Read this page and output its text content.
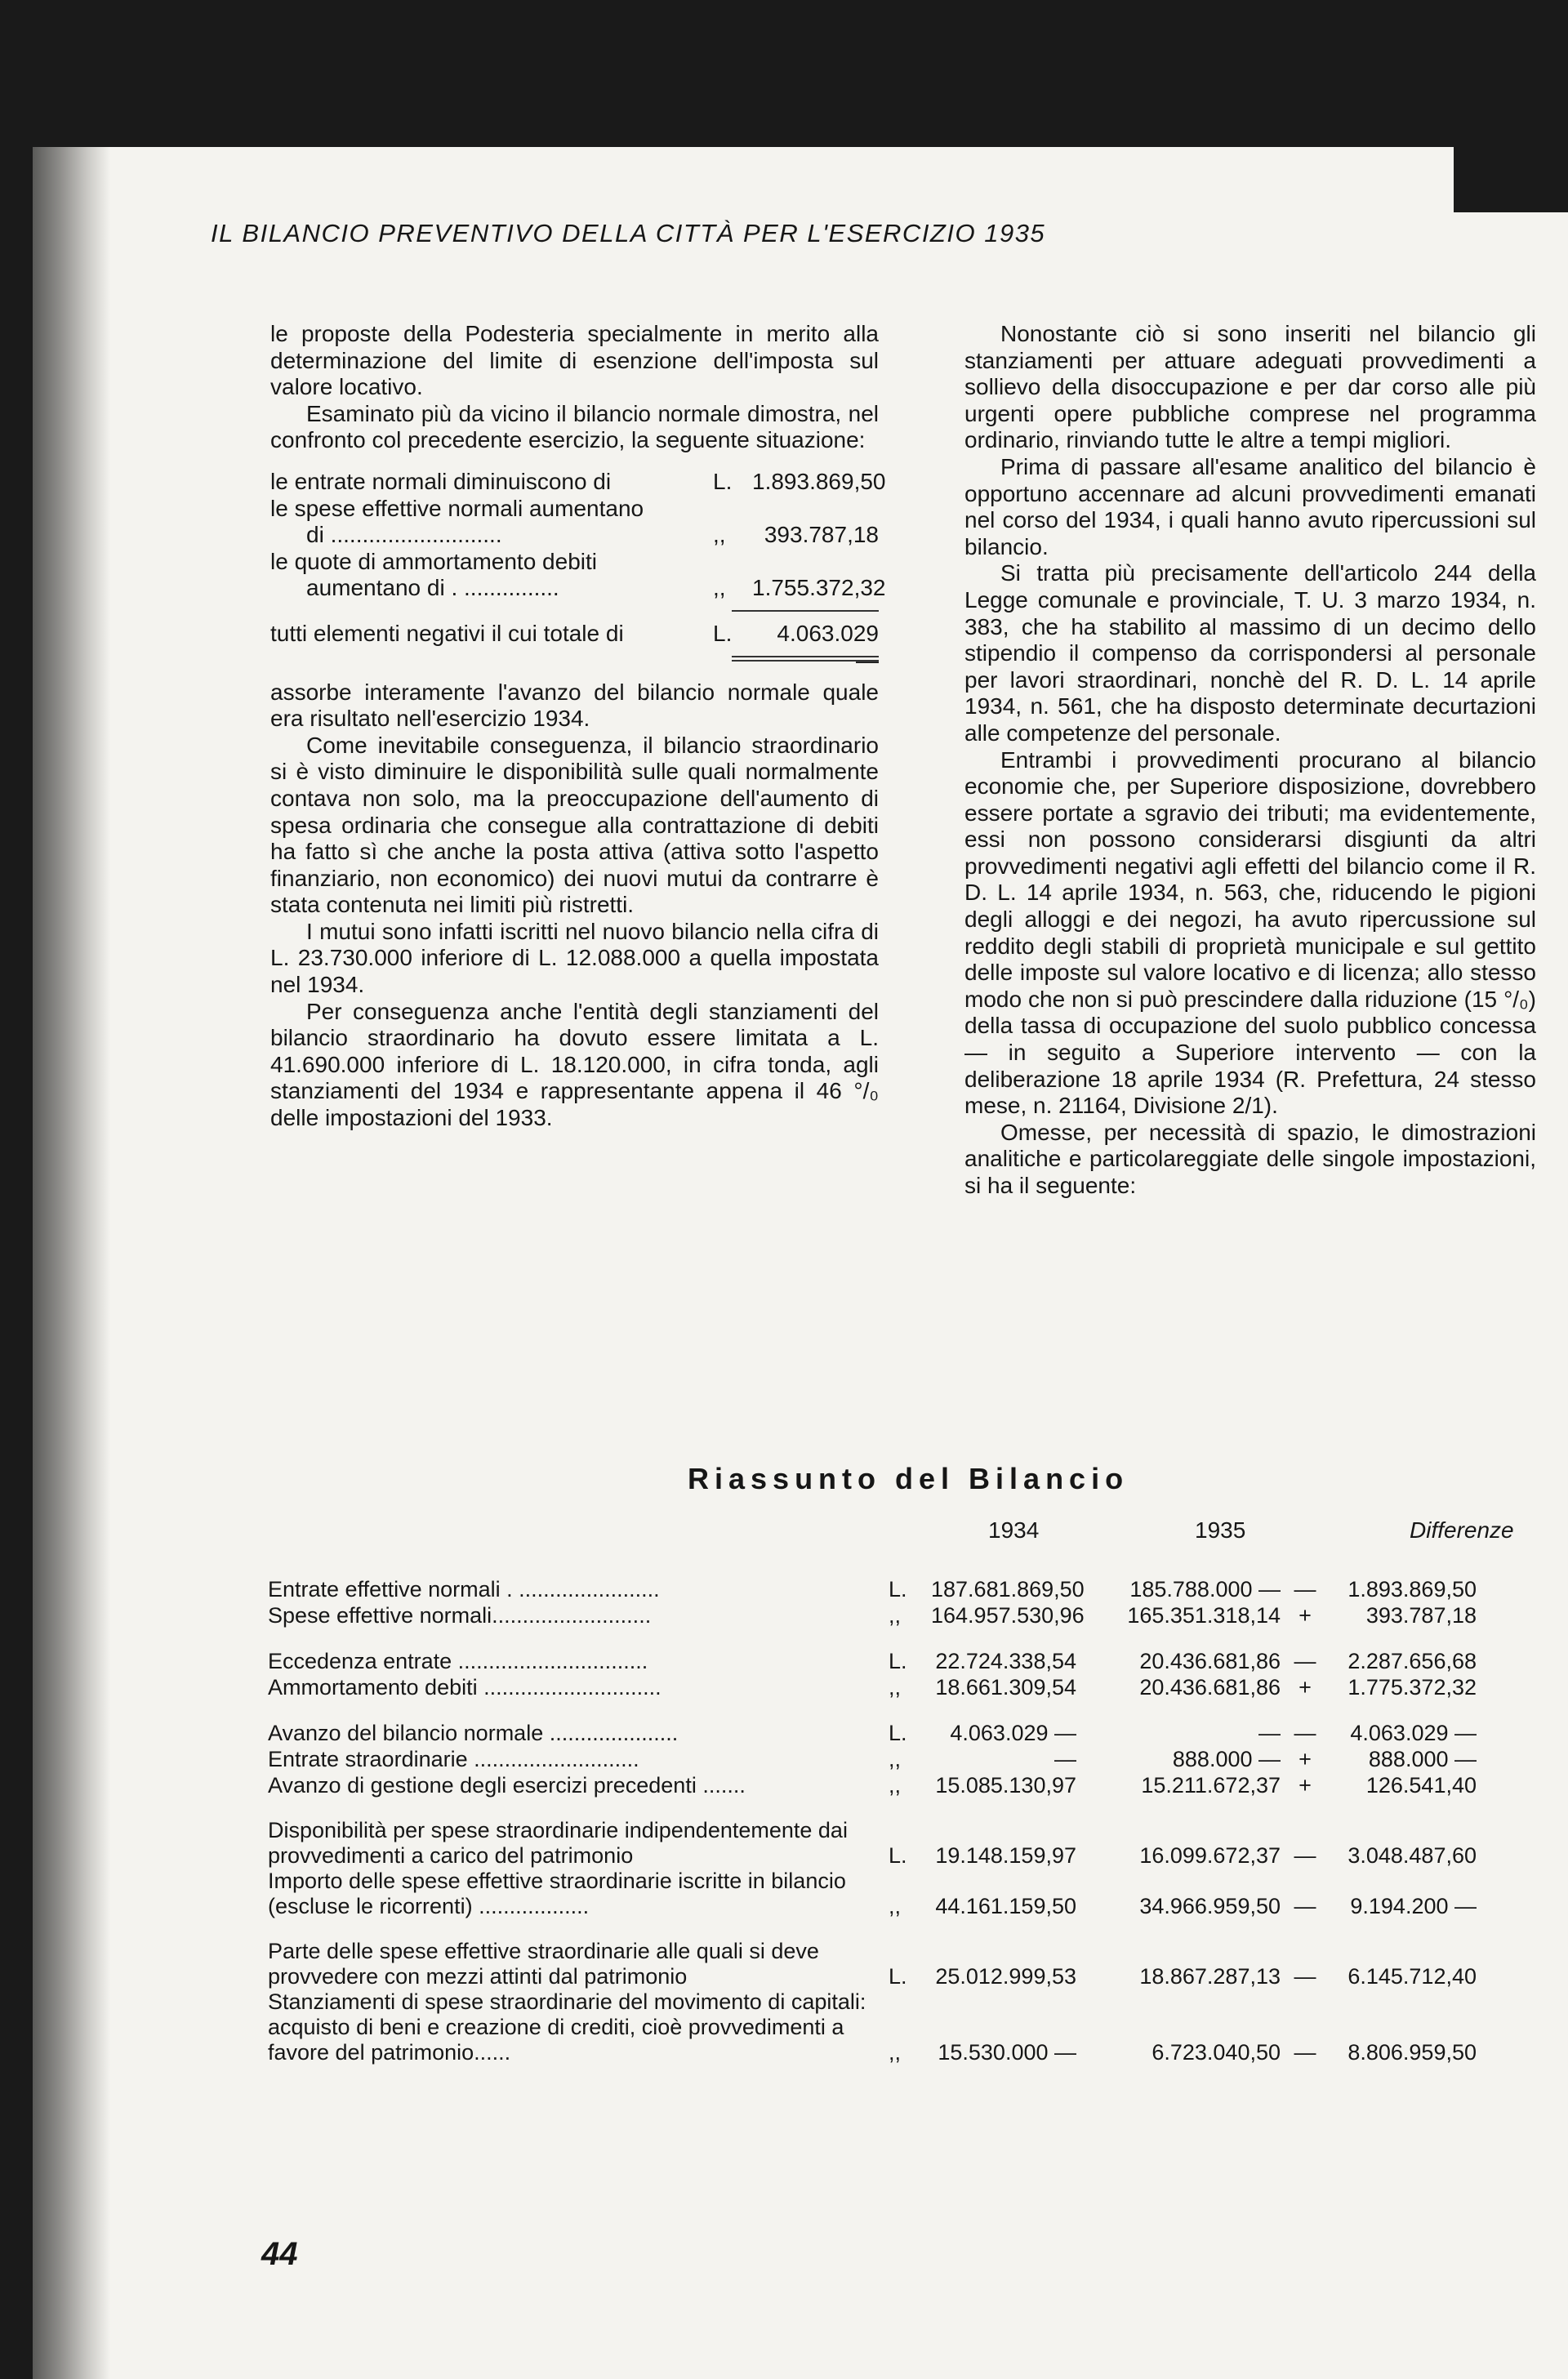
IL BILANCIO PREVENTIVO DELLA CITTÀ PER L'ESERCIZIO 1935

le proposte della Podesteria specialmente in merito alla determinazione del limite di esenzione dell'imposta sul valore locativo.

Esaminato più da vicino il bilancio normale dimostra, nel confronto col precedente esercizio, la seguente situazione:

le entrate normali diminuiscono di	L. 1.893.869,50
le spese effettive normali aumentano
di ...........................	,,	393.787,18
le quote di ammortamento debiti
aumentano di . ...............	,,	1.755.372,32
tutti elementi negativi il cui totale di	L.	4.063.029 —

assorbe interamente l'avanzo del bilancio normale quale era risultato nell'esercizio 1934.

Come inevitabile conseguenza, il bilancio straordinario si è visto diminuire le disponibilità sulle quali normalmente contava non solo, ma la preoccupazione dell'aumento di spesa ordinaria che consegue alla contrattazione di debiti ha fatto sì che anche la posta attiva (attiva sotto l'aspetto finanziario, non economico) dei nuovi mutui da contrarre è stata contenuta nei limiti più ristretti.

I mutui sono infatti iscritti nel nuovo bilancio nella cifra di L. 23.730.000 inferiore di L. 12.088.000 a quella impostata nel 1934.

Per conseguenza anche l'entità degli stanziamenti del bilancio straordinario ha dovuto essere limitata a L. 41.690.000 inferiore di L. 18.120.000, in cifra tonda, agli stanziamenti del 1934 e rappresentante appena il 46 °/₀ delle impostazioni del 1933.

Nonostante ciò si sono inseriti nel bilancio gli stanziamenti per attuare adeguati provvedimenti a sollievo della disoccupazione e per dar corso alle più urgenti opere pubbliche comprese nel programma ordinario, rinviando tutte le altre a tempi migliori.

Prima di passare all'esame analitico del bilancio è opportuno accennare ad alcuni provvedimenti emanati nel corso del 1934, i quali hanno avuto ripercussioni sul bilancio.

Si tratta più precisamente dell'articolo 244 della Legge comunale e provinciale, T. U. 3 marzo 1934, n. 383, che ha stabilito al massimo di un decimo dello stipendio il compenso da corrispondersi al personale per lavori straordinari, nonchè del R. D. L. 14 aprile 1934, n. 561, che ha disposto determinate decurtazioni alle competenze del personale.

Entrambi i provvedimenti procurano al bilancio economie che, per Superiore disposizione, dovrebbero essere portate a sgravio dei tributi; ma evidentemente, essi non possono considerarsi disgiunti da altri provvedimenti negativi agli effetti del bilancio come il R. D. L. 14 aprile 1934, n. 563, che, riducendo le pigioni degli alloggi e dei negozi, ha avuto ripercussione sul reddito degli stabili di proprietà municipale e sul gettito delle imposte sul valore locativo e di licenza; allo stesso modo che non si può prescindere dalla riduzione (15 °/₀) della tassa di occupazione del suolo pubblico concessa — in seguito a Superiore intervento — con la deliberazione 18 aprile 1934 (R. Prefettura, 24 stesso mese, n. 21164, Divisione 2/1).

Omesse, per necessità di spazio, le dimostrazioni analitiche e particolareggiate delle singole impostazioni, si ha il seguente:

Riassunto del Bilancio
1934	1935	Differenze
Entrate effettive normali . .......................	L.	187.681.869,50	185.788.000 — —	1.893.869,50
Spese effettive normali..........................	,,	164.957.530,96	165.351.318,14 +	393.787,18
Eccedenza entrate ...............................	L.	22.724.338,54	20.436.681,86 —	2.287.656,68
Ammortamento debiti .............................	,,	18.661.309,54	20.436.681,86 +	1.775.372,32
Avanzo del bilancio normale .....................	L.	4.063.029 —	— —	4.063.029 —
Entrate straordinarie ...........................	,,	—	888.000 — +	888.000 —
Avanzo di gestione degli esercizi precedenti .......	,,	15.085.130,97	15.211.672,37 +	126.541,40
Disponibilità per spese straordinarie indipendentemente dai provvedimenti a carico del patrimonio	L.	19.148.159,97	16.099.672,37 —	3.048.487,60
Importo delle spese effettive straordinarie iscritte in bilancio (escluse le ricorrenti) ..................	,,	44.161.159,50	34.966.959,50 —	9.194.200 —
Parte delle spese effettive straordinarie alle quali si deve provvedere con mezzi attinti dal patrimonio	L.	25.012.999,53	18.867.287,13 —	6.145.712,40
Stanziamenti di spese straordinarie del movimento di capitali: acquisto di beni e creazione di crediti, cioè provvedimenti a favore del patrimonio......	,,	15.530.000 —	6.723.040,50 —	8.806.959,50
44
